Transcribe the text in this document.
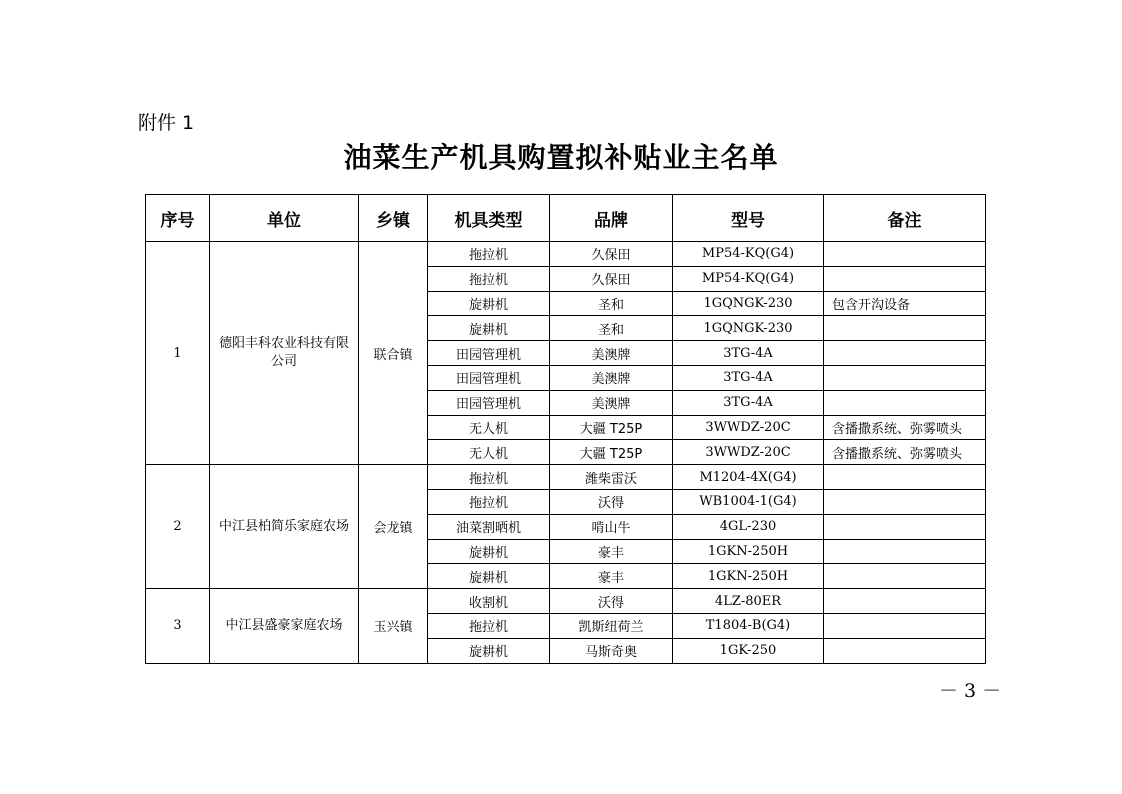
附件 1
油菜生产机具购置拟补贴业主名单
序号	单位	乡镇	机具类型	品牌	型号	备注
1	德阳丰科农业科技有限公司	联合镇	拖拉机	久保田	MP54-KQ(G4)	
			拖拉机	久保田	MP54-KQ(G4)	
			旋耕机	圣和	1GQNGK-230	包含开沟设备
			旋耕机	圣和	1GQNGK-230	
			田园管理机	美澳牌	3TG-4A	
			田园管理机	美澳牌	3TG-4A	
			田园管理机	美澳牌	3TG-4A	
			无人机	大疆 T25P	3WWDZ-20C	含播撒系统、弥雾喷头
			无人机	大疆 T25P	3WWDZ-20C	含播撒系统、弥雾喷头
2	中江县柏简乐家庭农场	会龙镇	拖拉机	潍柴雷沃	M1204-4X(G4)	
			拖拉机	沃得	WB1004-1(G4)	
			油菜割晒机	啃山牛	4GL-230	
			旋耕机	豪丰	1GKN-250H	
			旋耕机	豪丰	1GKN-250H	
3	中江县盛豪家庭农场	玉兴镇	收割机	沃得	4LZ-80ER	
			拖拉机	凯斯纽荷兰	T1804-B(G4)	
			旋耕机	马斯奇奥	1GK-250	
－ 3 －
